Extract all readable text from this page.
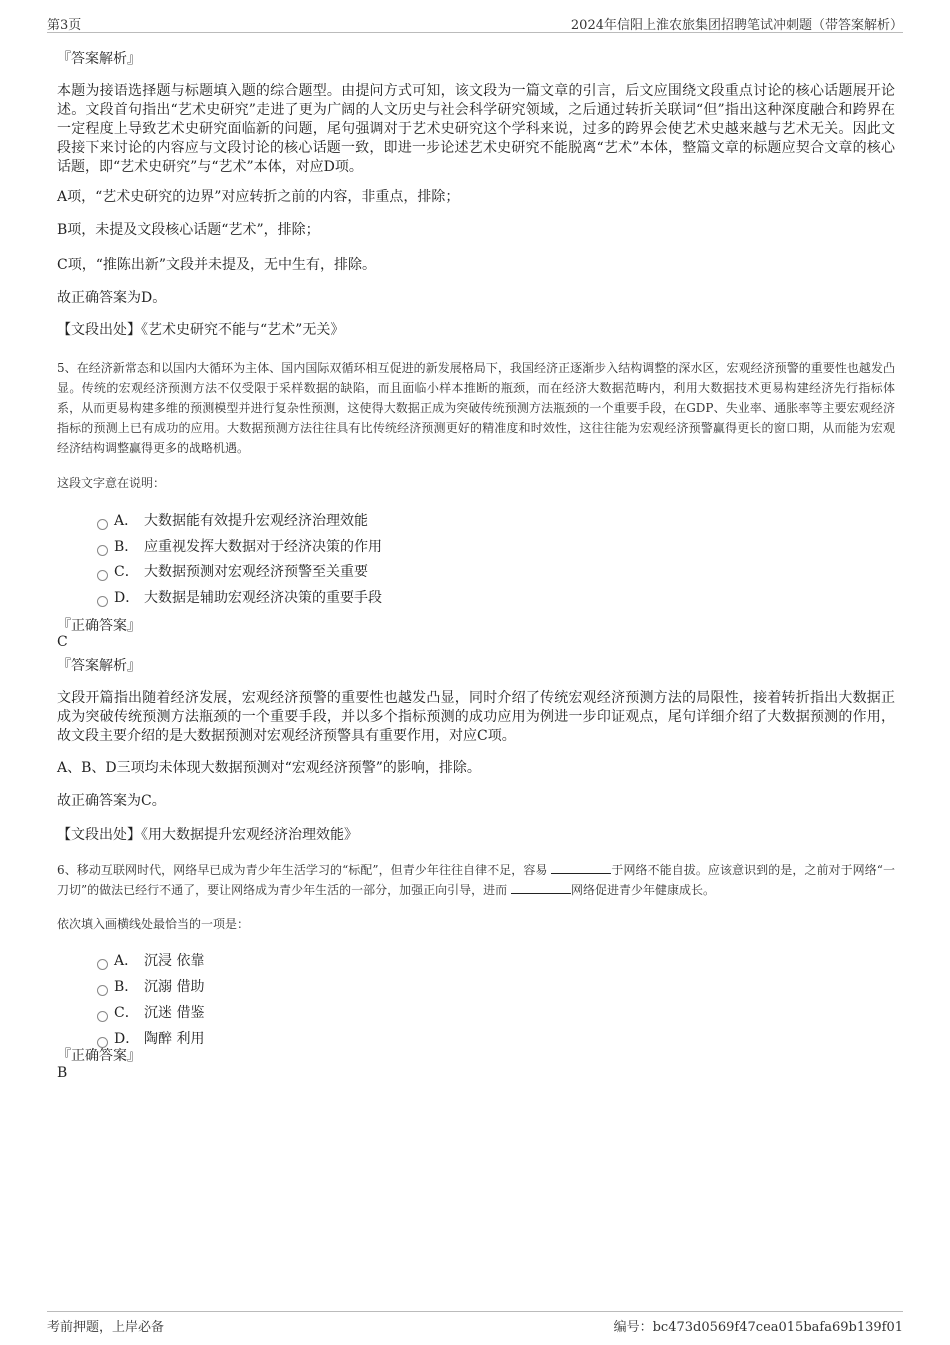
第3页	2024年信阳上淮农旅集团招聘笔试冲刺题（带答案解析）
『答案解析』
本题为接语选择题与标题填入题的综合题型。由提问方式可知，该文段为一篇文章的引言，后文应围绕文段重点讨论的核心话题展开论述。文段首句指出“艺术史研究”走进了更为广阔的人文历史与社会科学研究领域，之后通过转折关联词“但”指出这种深度融合和跨界在一定程度上导致艺术史研究面临新的问题，尾句强调对于艺术史研究这个学科来说，过多的跨界会使艺术史越来越与艺术无关。因此文段接下来讨论的内容应与文段讨论的核心话题一致，即进一步论述艺术史研究不能脱离“艺术”本体，整篇文章的标题应契合文章的核心话题，即“艺术史研究”与“艺术”本体，对应D项。
A项，“艺术史研究的边界”对应转折之前的内容，非重点，排除；
B项，未提及文段核心话题“艺术”，排除；
C项，“推陈出新”文段并未提及，无中生有，排除。
故正确答案为D。
【文段出处】《艺术史研究不能与“艺术”无关》
5、在经济新常态和以国内大循环为主体、国内国际双循环相互促进的新发展格局下，我国经济正逐渐步入结构调整的深水区，宏观经济预警的重要性也越发凸显。传统的宏观经济预测方法不仅受限于采样数据的缺陷，而且面临小样本推断的瓶颈，而在经济大数据范畴内，利用大数据技术更易构建经济先行指标体系，从而更易构建多维的预测模型并进行复杂性预测，这使得大数据正成为突破传统预测方法瓶颈的一个重要手段，在GDP、失业率、通胀率等主要宏观经济指标的预测上已有成功的应用。大数据预测方法往往具有比传统经济预测更好的精准度和时效性，这往往能为宏观经济预警赢得更长的窗口期，从而能为宏观经济结构调整赢得更多的战略机遇。
这段文字意在说明：
A． 大数据能有效提升宏观经济治理效能
B． 应重视发挥大数据对于经济决策的作用
C． 大数据预测对宏观经济预警至关重要
D． 大数据是辅助宏观经济决策的重要手段
『正确答案』
C
『答案解析』
文段开篇指出随着经济发展，宏观经济预警的重要性也越发凸显，同时介绍了传统宏观经济预测方法的局限性，接着转折指出大数据正成为突破传统预测方法瓶颈的一个重要手段，并以多个指标预测的成功应用为例进一步印证观点，尾句详细介绍了大数据预测的作用，故文段主要介绍的是大数据预测对宏观经济预警具有重要作用，对应C项。
A、B、D三项均未体现大数据预测对“宏观经济预警”的影响，排除。
故正确答案为C。
【文段出处】《用大数据提升宏观经济治理效能》
6、移动互联网时代，网络早已成为青少年生活学习的“标配”，但青少年往往自律不足，容易	于网络不能自拔。应该意识到的是，之前对于网络“一刀切”的做法已经行不通了，要让网络成为青少年生活的一部分，加强正向引导，进而	网络促进青少年健康成长。
依次填入画横线处最恰当的一项是：
A． 沉浸 依靠
B． 沉溺 借助
C． 沉迷 借鉴
D． 陶醉 利用
『正确答案』
B
考前押题，上岸必备	编号：bc473d0569f47cea015bafa69b139f01
